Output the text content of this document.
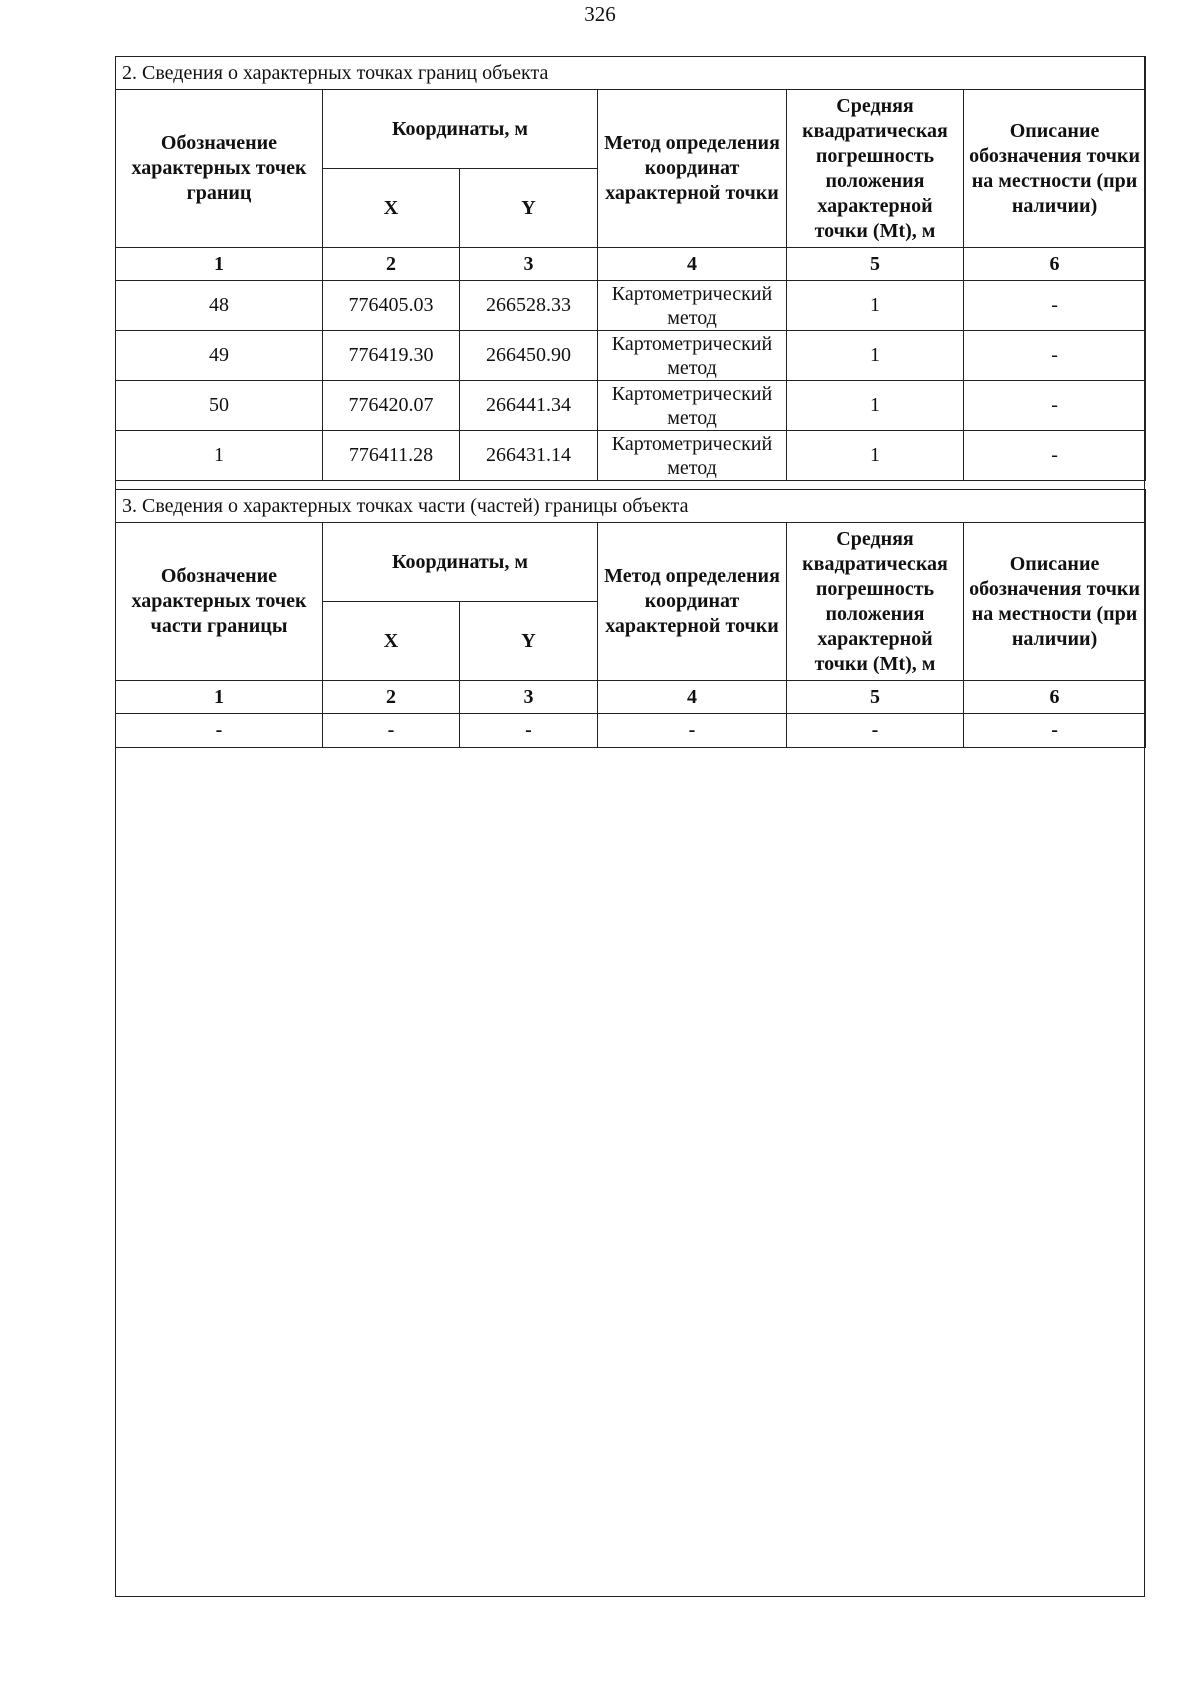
326
2. Сведения о характерных точках границ объекта					
Обозначение характерных точек границ	Координаты, м		Метод определения координат характерной точки	Средняя квадратическая погрешность положения характерной точки (Mt), м	Описание обозначения точки на местности (при наличии)
	X	Y			
1	2	3	4	5	6
48	776405.03	266528.33	Картометрический метод	1	-
49	776419.30	266450.90	Картометрический метод	1	-
50	776420.07	266441.34	Картометрический метод	1	-
1	776411.28	266431.14	Картометрический метод	1	-
3. Сведения о характерных точках части (частей) границы объекта					
Обозначение характерных точек части границы	Координаты, м		Метод определения координат характерной точки	Средняя квадратическая погрешность положения характерной точки (Mt), м	Описание обозначения точки на местности (при наличии)
	X	Y			
1	2	3	4	5	6
-	-	-	-	-	-
